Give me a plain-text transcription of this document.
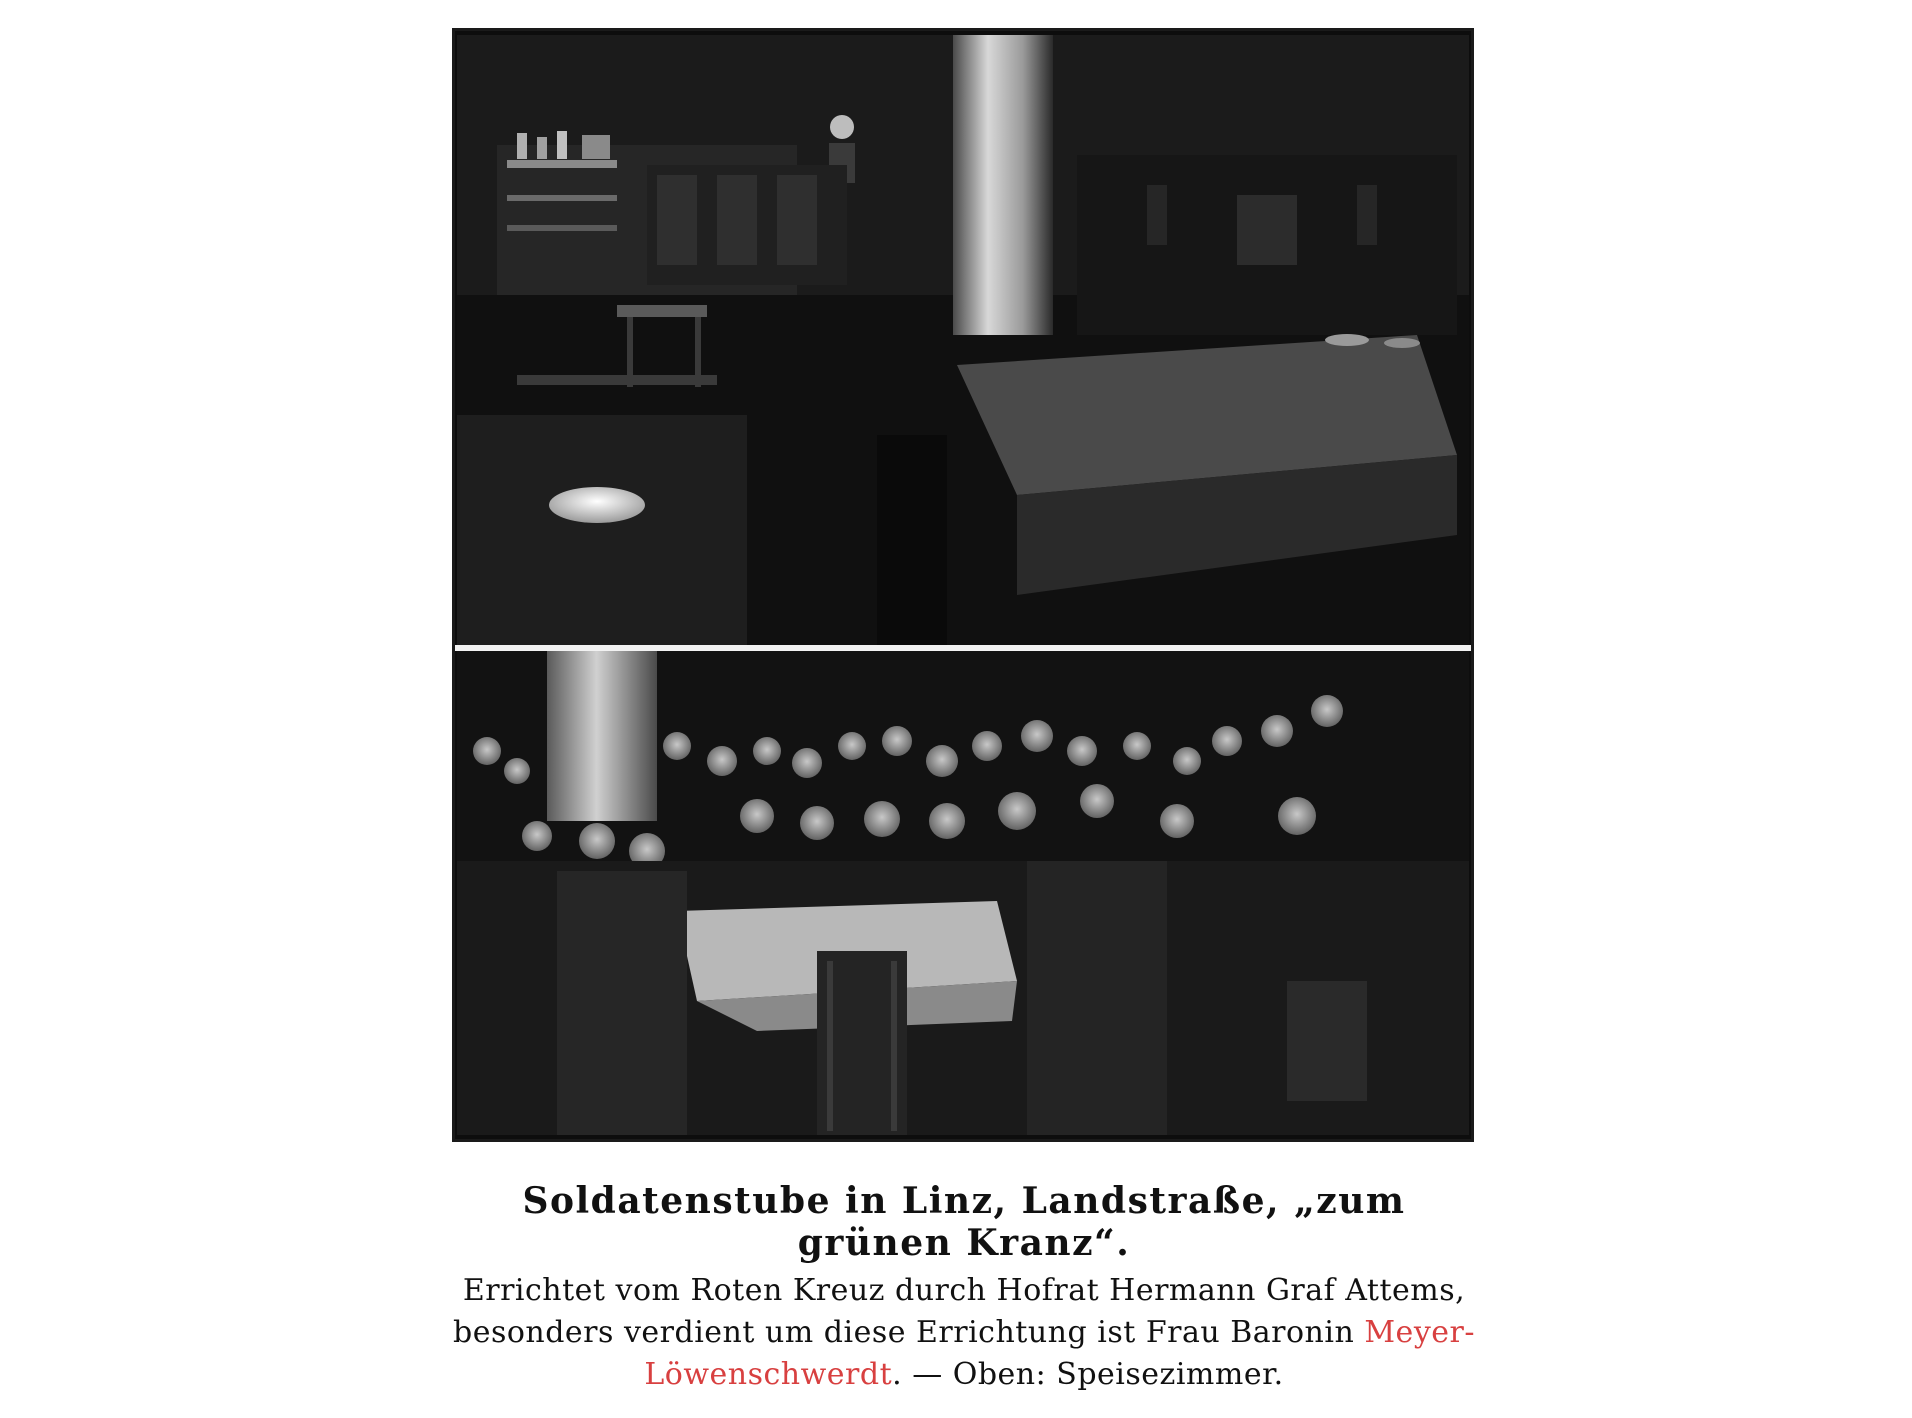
Soldatenstube in Linz, Landstraße, „zum grünen Kranz“.

Errichtet vom Roten Kreuz durch Hofrat Hermann Graf Attems, besonders verdient um diese Errichtung ist Frau Baronin Meyer-Löwenschwerdt. — Oben: Speisezimmer.
